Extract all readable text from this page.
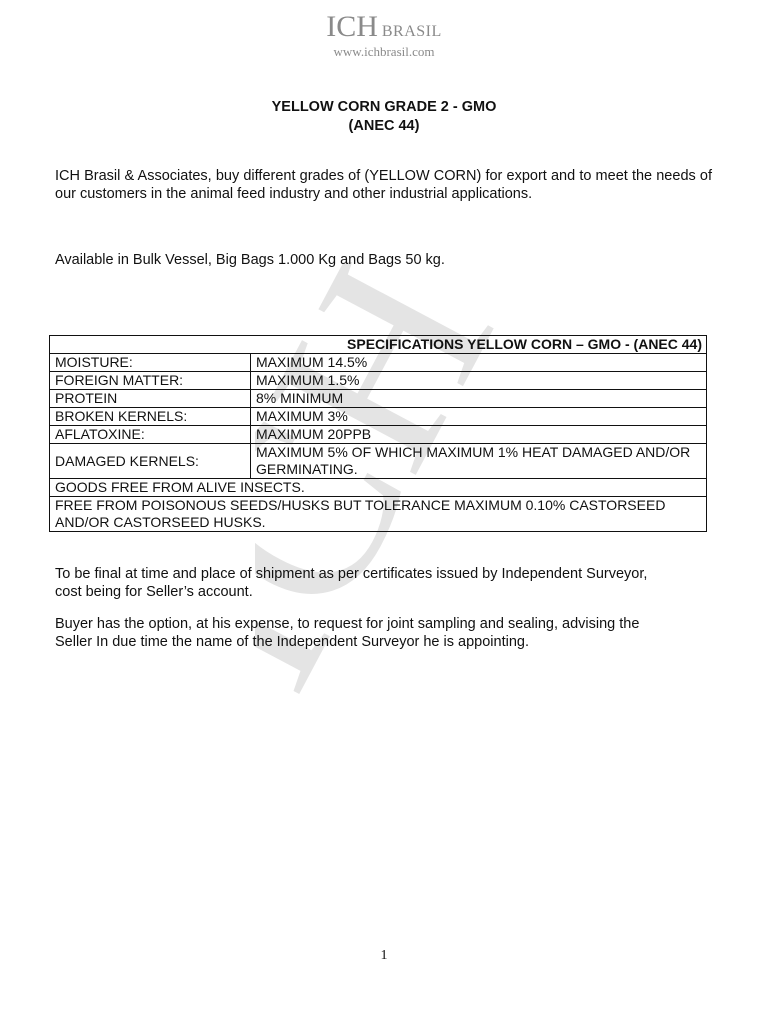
ICH
ICH BRASIL
www.ichbrasil.com
YELLOW CORN GRADE 2 - GMO
(ANEC 44)
ICH Brasil & Associates, buy different grades of (YELLOW CORN) for export and to meet the needs of our customers in the animal feed industry and other industrial applications.
Available in Bulk Vessel, Big Bags 1.000 Kg and Bags 50 kg.
SPECIFICATIONS YELLOW CORN – GMO - (ANEC 44)	
MOISTURE:	MAXIMUM 14.5%
FOREIGN MATTER:	MAXIMUM 1.5%
PROTEIN	8% MINIMUM
BROKEN KERNELS:	MAXIMUM 3%
AFLATOXINE:	MAXIMUM 20PPB
DAMAGED KERNELS:	MAXIMUM 5% OF WHICH MAXIMUM 1% HEAT DAMAGED AND/OR GERMINATING.
GOODS FREE FROM ALIVE INSECTS.	
FREE FROM POISONOUS SEEDS/HUSKS BUT TOLERANCE MAXIMUM 0.10% CASTORSEED AND/OR CASTORSEED HUSKS.	
To be final at time and place of shipment as per certificates issued by Independent Surveyor,
cost being for Seller’s account.
Buyer has the option, at his expense, to request for joint sampling and sealing, advising the
Seller In due time the name of the Independent Surveyor he is appointing.
1
